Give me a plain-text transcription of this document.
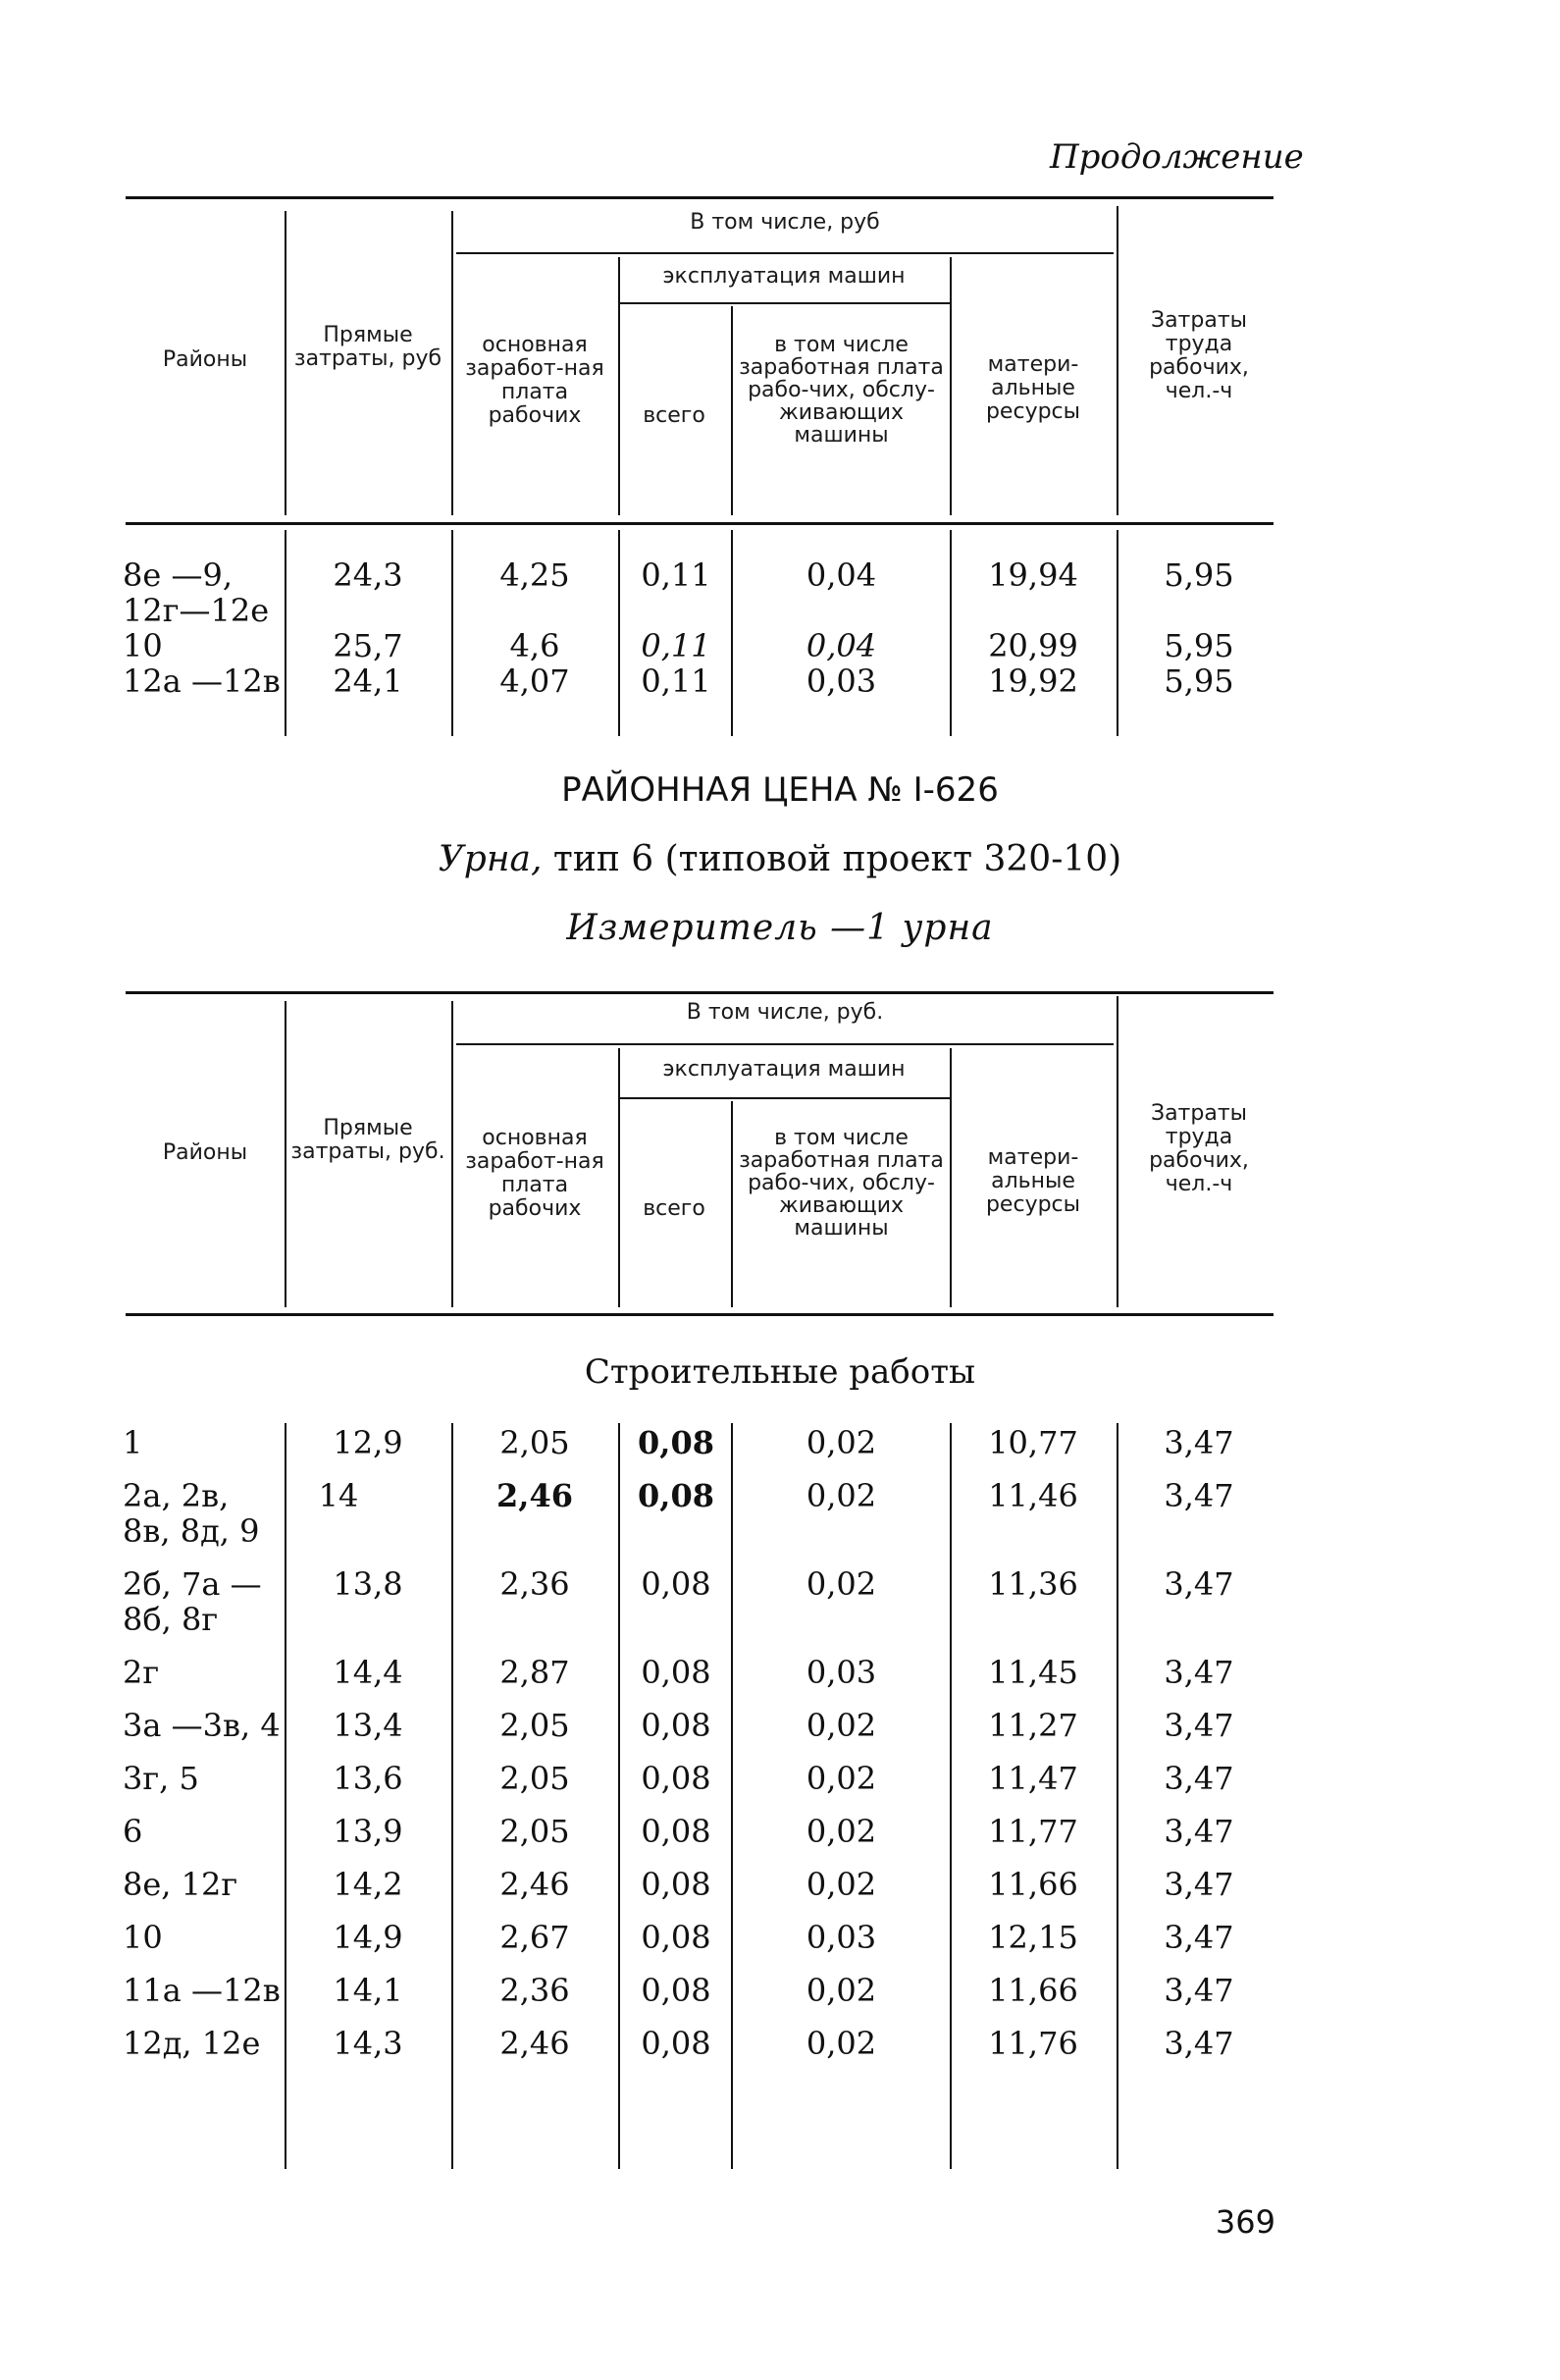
Продолжение
Районы
Прямые затраты, руб
В том числе, руб
основная заработ-ная плата рабочих
эксплуатация машин
всего
в том числе заработная плата рабо-чих, обслу-живающих машины
матери-альные ресурсы
Затраты труда рабочих, чел.-ч
8е —9,
12г—12е
24,3	4,25	0,11	0,04	19,94	5,95
10	25,7	4,6	0,11	0,04	20,99	5,95
12а —12в	24,1	4,07	0,11	0,03	19,92	5,95
РАЙОННАЯ ЦЕНА № I-626
Урна, тип 6 (типовой проект 320-10)
Измеритель —1 урна
Районы
Прямые затраты, руб.
В том числе, руб.
основная заработ-ная плата рабочих
эксплуатация машин
всего
в том числе заработная плата рабо-чих, обслу-живающих машины
матери-альные ресурсы
Затраты труда рабочих, чел.-ч
Строительные работы
1	12,9	2,05	0,08	0,02	10,77	3,47
2а, 2в,
8в, 8д, 9
14	2,46	0,08	0,02	11,46	3,47
2б, 7а —
8б, 8г
13,8	2,36	0,08	0,02	11,36	3,47
2г	14,4	2,87	0,08	0,03	11,45	3,47
3а —3в, 4	13,4	2,05	0,08	0,02	11,27	3,47
3г, 5	13,6	2,05	0,08	0,02	11,47	3,47
6	13,9	2,05	0,08	0,02	11,77	3,47
8е, 12г	14,2	2,46	0,08	0,02	11,66	3,47
10	14,9	2,67	0,08	0,03	12,15	3,47
11а —12в	14,1	2,36	0,08	0,02	11,66	3,47
12д, 12е	14,3	2,46	0,08	0,02	11,76	3,47
369
